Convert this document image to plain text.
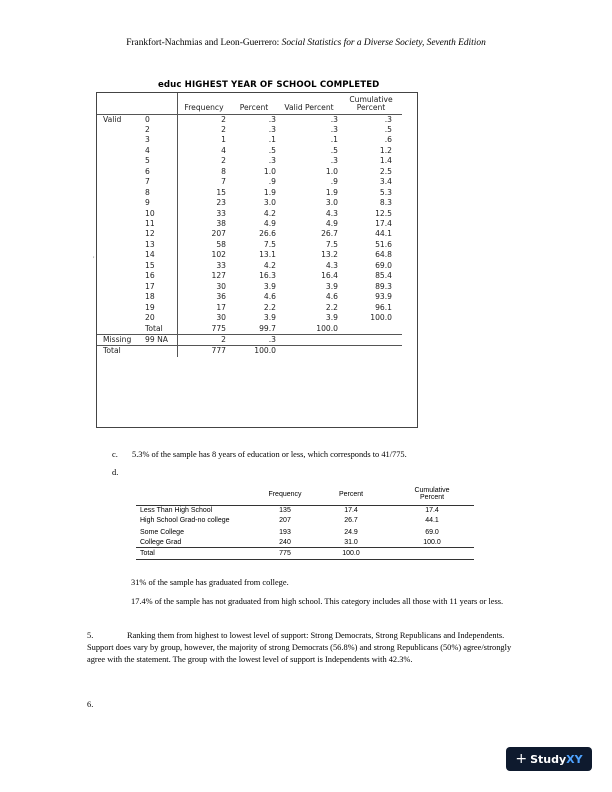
Frankfort-Nachmias and Leon-Guerrero: Social Statistics for a Diverse Society, Seventh Edition
educ HIGHEST YEAR OF SCHOOL COMPLETED
		Frequency	Percent	Valid Percent	Cumulative
Percent
Valid	0	2	.3	.3	.3
	2	2	.3	.3	.5
	3	1	.1	.1	.6
	4	4	.5	.5	1.2
	5	2	.3	.3	1.4
	6	8	1.0	1.0	2.5
	7	7	.9	.9	3.4
	8	15	1.9	1.9	5.3
	9	23	3.0	3.0	8.3
	10	33	4.2	4.3	12.5
	11	38	4.9	4.9	17.4
	12	207	26.6	26.7	44.1
	13	58	7.5	7.5	51.6
	14	102	13.1	13.2	64.8
	15	33	4.2	4.3	69.0
	16	127	16.3	16.4	85.4
	17	30	3.9	3.9	89.3
	18	36	4.6	4.6	93.9
	19	17	2.2	2.2	96.1
	20	30	3.9	3.9	100.0
	Total	775	99.7	100.0	
Missing	99 NA	2	.3		
Total		777	100.0		
,
c. 5.3% of the sample has 8 years of education or less, which corresponds to 41/775.
d.
	Frequency	Percent	Cumulative
Percent
Less Than High School	135	17.4	17.4
High School Grad-no college	207	26.7	44.1

Some College	193	24.9	69.0
College Grad	240	31.0	100.0
Total	775	100.0	
31% of the sample has graduated from college.
17.4% of the sample has not graduated from high school. This category includes all those with 11 years or less.
5.	Ranking them from highest to lowest level of support: Strong Democrats, Strong Republicans and Independents. Support does vary by group, however, the majority of strong Democrats (56.8%) and strong Republicans (50%) agree/strongly agree with the statement. The group with the lowest level of support is Independents with 42.3%.
6.
+ Study XY
